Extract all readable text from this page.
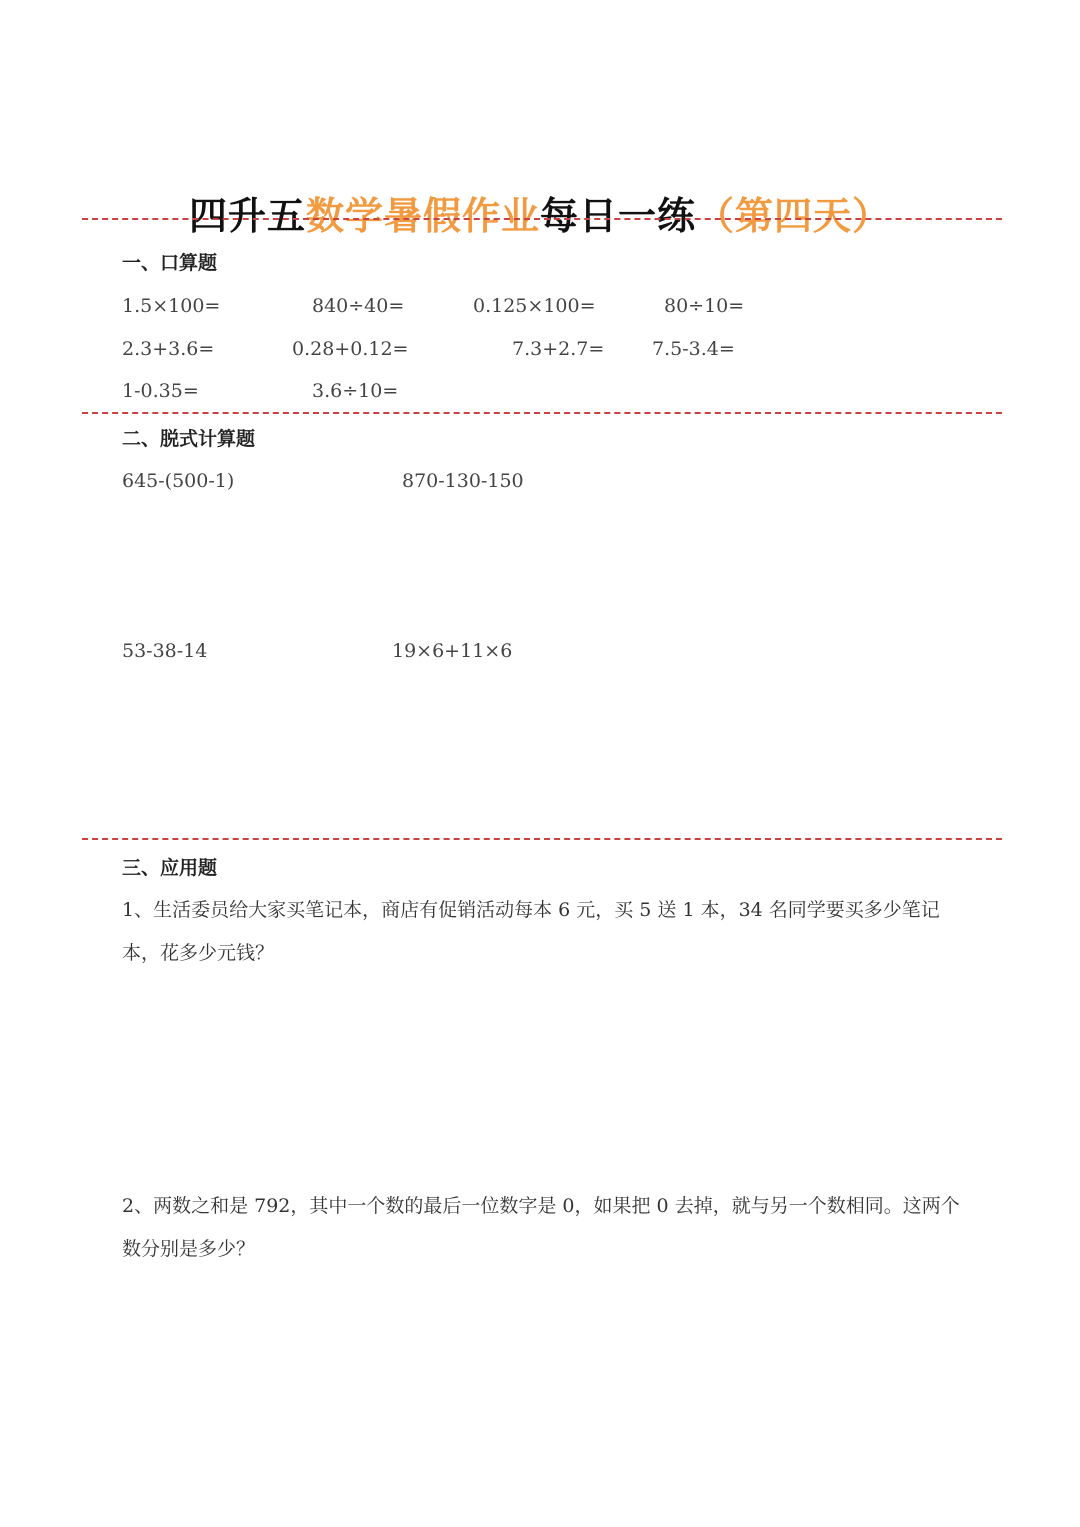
四升五数学暑假作业每日一练（第四天）
一、口算题
1.5×100=	840÷40=	0.125×100=	80÷10=
2.3+3.6=	0.28+0.12=	7.3+2.7=	7.5-3.4=
1-0.35=	3.6÷10=
二、脱式计算题
645-(500-1)	870-130-150
53-38-14	19×6+11×6
三、应用题
1、生活委员给大家买笔记本，商店有促销活动每本 6 元，买 5 送 1 本，34 名同学要买多少笔记本，花多少元钱？
2、两数之和是 792，其中一个数的最后一位数字是 0，如果把 0 去掉，就与另一个数相同。这两个数分别是多少？
